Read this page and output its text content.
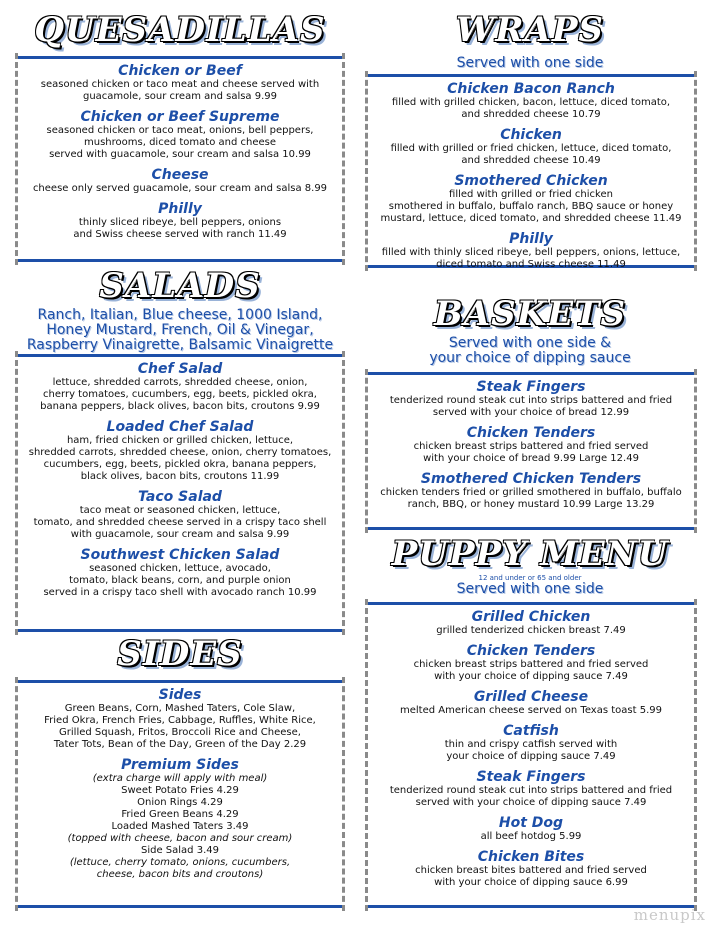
QUESADILLAS
Chicken or Beef
seasoned chicken or taco meat and cheese served with
guacamole, sour cream and salsa 9.99
Chicken or Beef Supreme
seasoned chicken or taco meat, onions, bell peppers,
mushrooms, diced tomato and cheese
served with guacamole, sour cream and salsa 10.99
Cheese
cheese only served guacamole, sour cream and salsa 8.99
Philly
thinly sliced ribeye, bell peppers, onions
and Swiss cheese served with ranch 11.49
SALADS
Ranch, Italian, Blue cheese, 1000 Island,
Honey Mustard, French, Oil & Vinegar,
Raspberry Vinaigrette, Balsamic Vinaigrette
Chef Salad
lettuce, shredded carrots, shredded cheese, onion,
cherry tomatoes, cucumbers, egg, beets, pickled okra,
banana peppers, black olives, bacon bits, croutons 9.99
Loaded Chef Salad
ham, fried chicken or grilled chicken, lettuce,
shredded carrots, shredded cheese, onion, cherry tomatoes,
cucumbers, egg, beets, pickled okra, banana peppers,
black olives, bacon bits, croutons 11.99
Taco Salad
taco meat or seasoned chicken, lettuce,
tomato, and shredded cheese served in a crispy taco shell
with guacamole, sour cream and salsa 9.99
Southwest Chicken Salad
seasoned chicken, lettuce, avocado,
tomato, black beans, corn, and purple onion
served in a crispy taco shell with avocado ranch 10.99
SIDES
Sides
Green Beans, Corn, Mashed Taters, Cole Slaw,
Fried Okra, French Fries, Cabbage, Ruffles, White Rice,
Grilled Squash, Fritos, Broccoli Rice and Cheese,
Tater Tots, Bean of the Day, Green of the Day 2.29
Premium Sides
(extra charge will apply with meal)
Sweet Potato Fries 4.29
Onion Rings 4.29
Fried Green Beans 4.29
Loaded Mashed Taters 3.49
(topped with cheese, bacon and sour cream)
Side Salad 3.49
(lettuce, cherry tomato, onions, cucumbers,
cheese, bacon bits and croutons)
WRAPS
Served with one side
Chicken Bacon Ranch
filled with grilled chicken, bacon, lettuce, diced tomato,
and shredded cheese 10.79
Chicken
filled with grilled or fried chicken, lettuce, diced tomato,
and shredded cheese 10.49
Smothered Chicken
filled with grilled or fried chicken
smothered in buffalo, buffalo ranch, BBQ sauce or honey
mustard, lettuce, diced tomato, and shredded cheese 11.49
Philly
filled with thinly sliced ribeye, bell peppers, onions, lettuce,
diced tomato and Swiss cheese 11.49
BASKETS
Served with one side &
your choice of dipping sauce
Steak Fingers
tenderized round steak cut into strips battered and fried
served with your choice of bread 12.99
Chicken Tenders
chicken breast strips battered and fried served
with your choice of bread 9.99 Large 12.49
Smothered Chicken Tenders
chicken tenders fried or grilled smothered in buffalo, buffalo
ranch, BBQ, or honey mustard 10.99 Large 13.29
PUPPY MENU
12 and under or 65 and older
Served with one side
Grilled Chicken
grilled tenderized chicken breast 7.49
Chicken Tenders
chicken breast strips battered and fried served
with your choice of dipping sauce 7.49
Grilled Cheese
melted American cheese served on Texas toast 5.99
Catfish
thin and crispy catfish served with
your choice of dipping sauce 7.49
Steak Fingers
tenderized round steak cut into strips battered and fried
served with your choice of dipping sauce 7.49
Hot Dog
all beef hotdog 5.99
Chicken Bites
chicken breast bites battered and fried served
with your choice of dipping sauce 6.99
menupix
